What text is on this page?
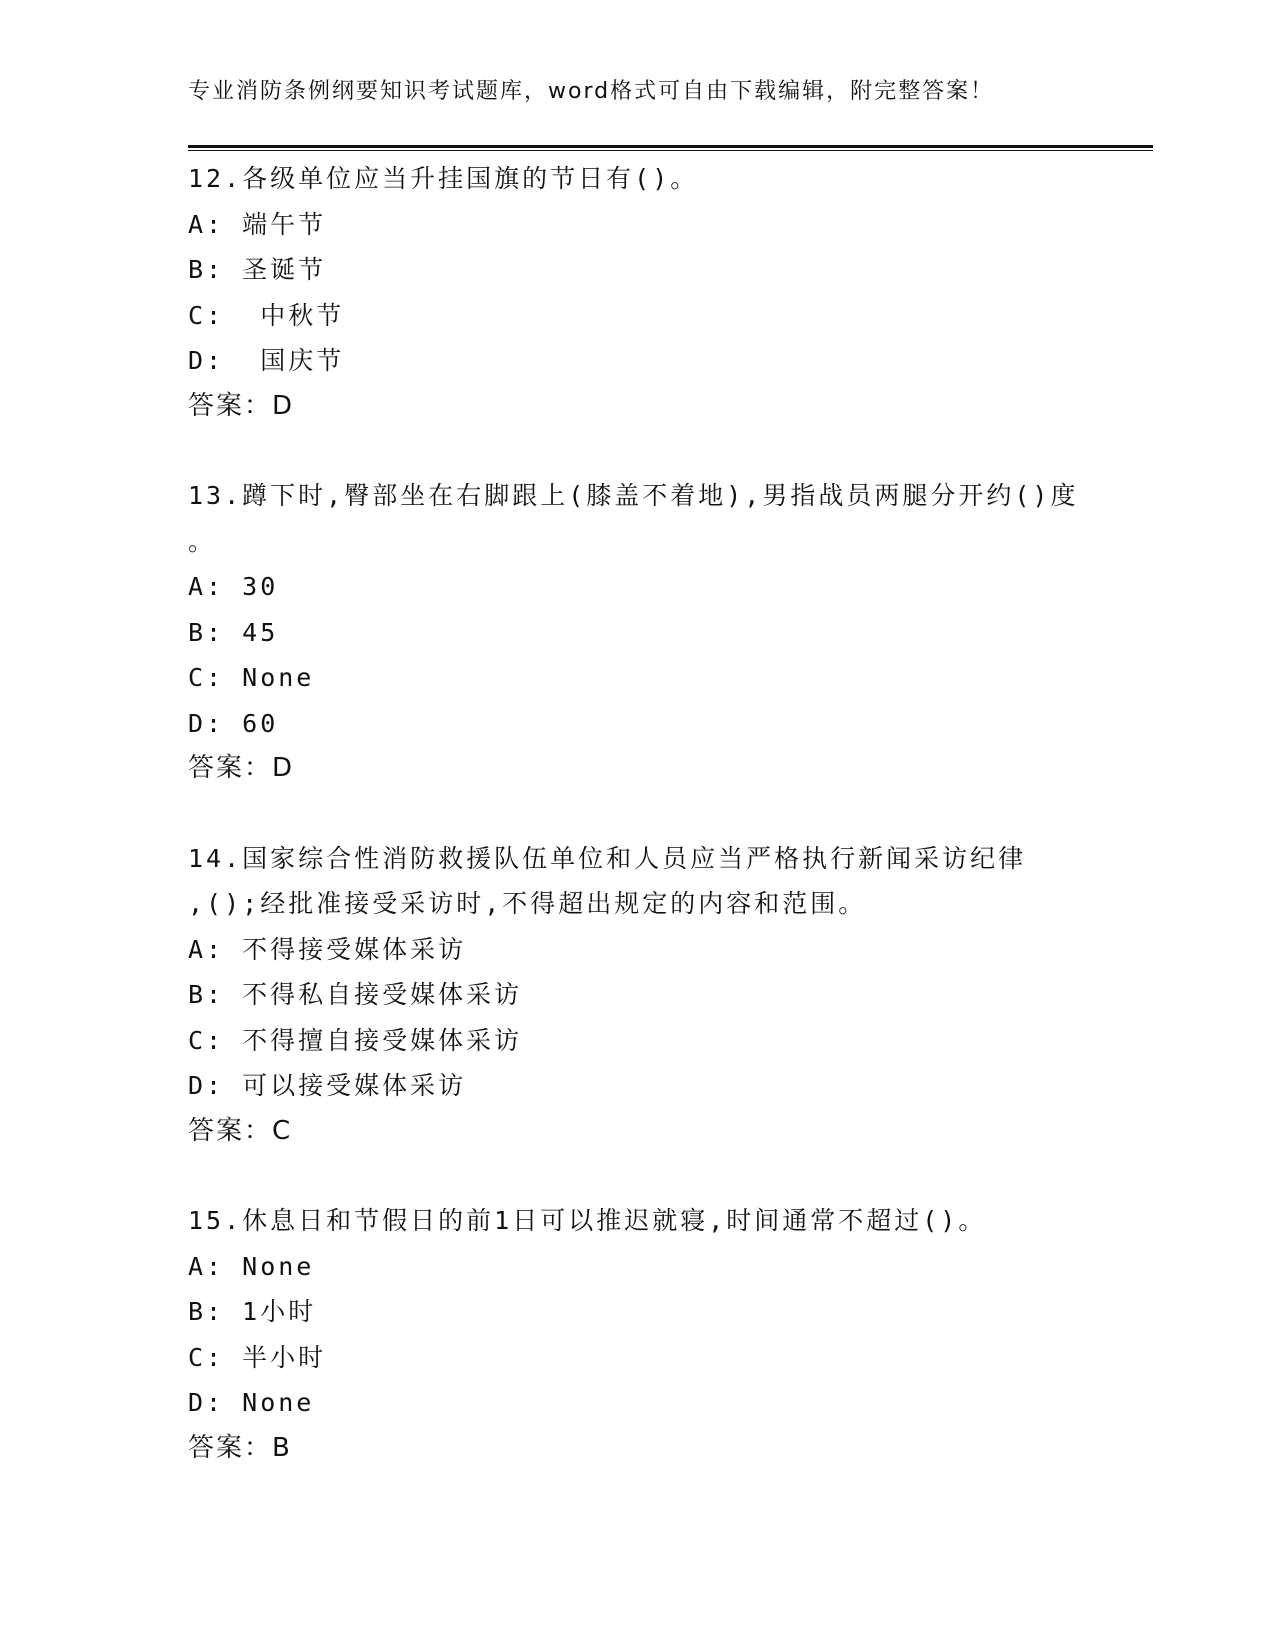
专业消防条例纲要知识考试题库，word格式可自由下载编辑，附完整答案！
12.各级单位应当升挂国旗的节日有()。
A: 端午节
B: 圣诞节
C:  中秋节
D:  国庆节
答案：D
13.蹲下时,臀部坐在右脚跟上(膝盖不着地),男指战员两腿分开约()度
。
A: 30
B: 45
C: None
D: 60
答案：D
14.国家综合性消防救援队伍单位和人员应当严格执行新闻采访纪律
,();经批准接受采访时,不得超出规定的内容和范围。
A: 不得接受媒体采访
B: 不得私自接受媒体采访
C: 不得擅自接受媒体采访
D: 可以接受媒体采访
答案：C
15.休息日和节假日的前1日可以推迟就寝,时间通常不超过()。
A: None
B: 1小时
C: 半小时
D: None
答案：B
